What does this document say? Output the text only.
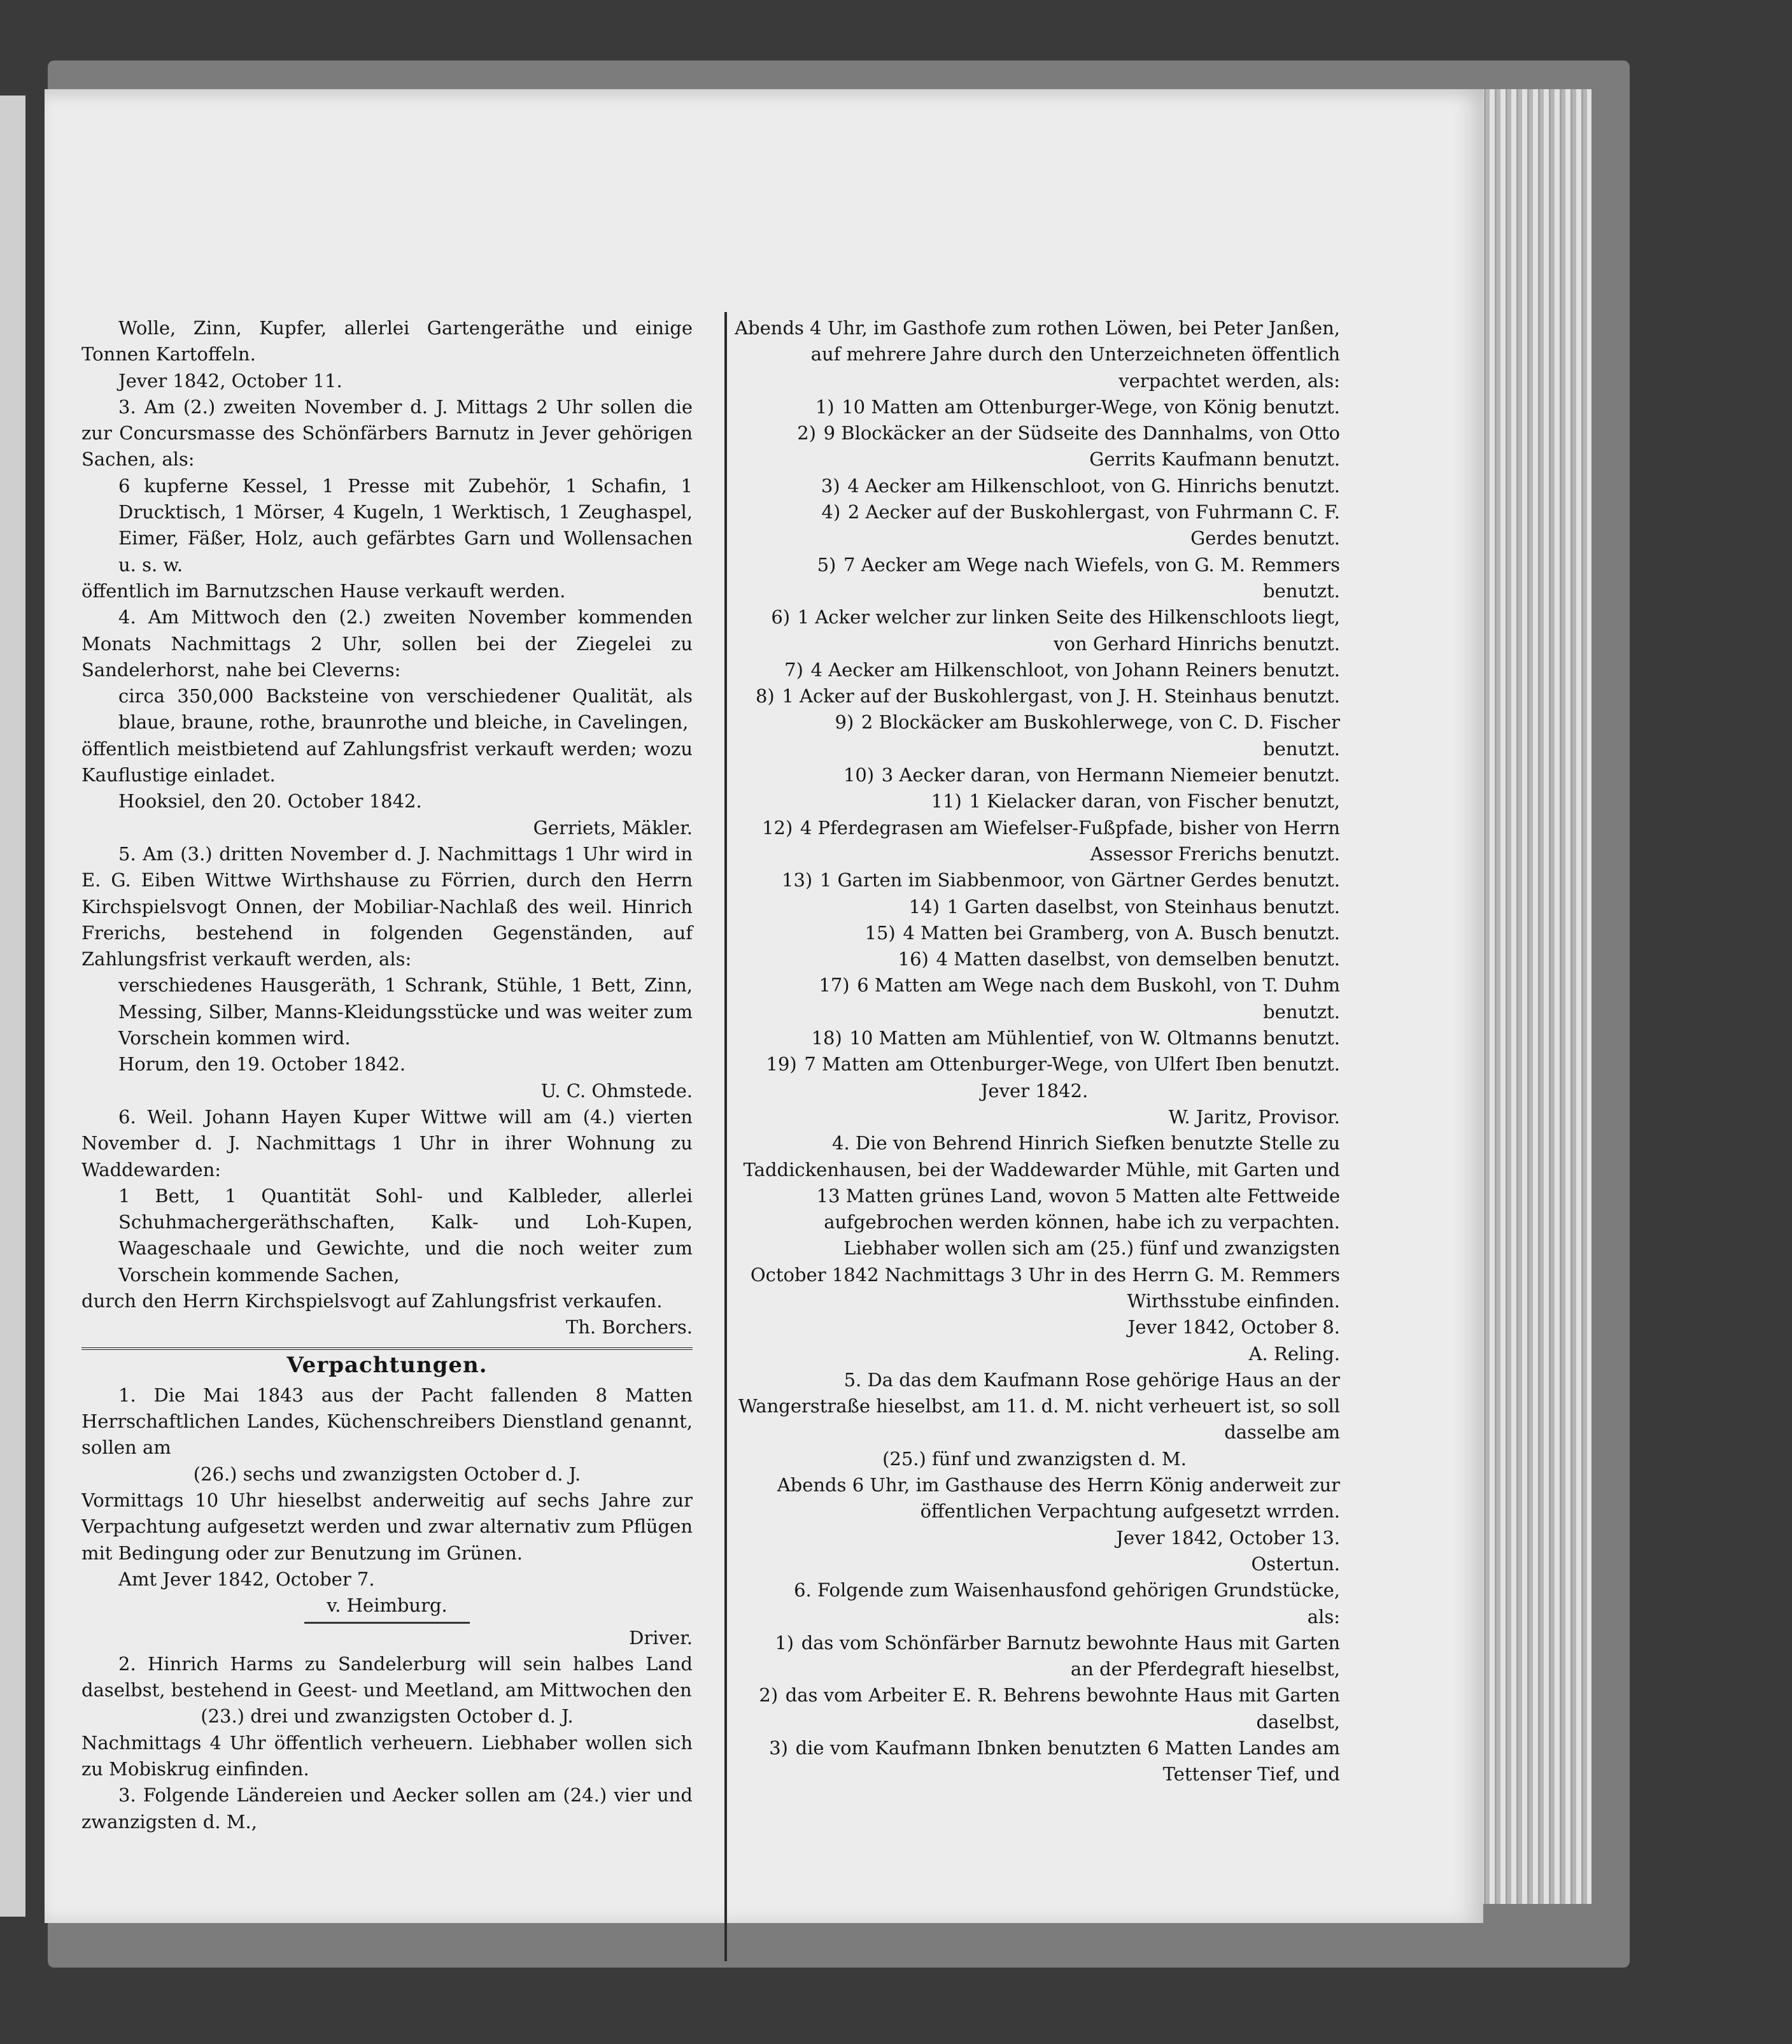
Wolle, Zinn, Kupfer, allerlei Gartengeräthe und einige Tonnen Kartoffeln.

Jever 1842, October 11.

3. Am (2.) zweiten November d. J. Mittags 2 Uhr sollen die zur Concursmasse des Schönfärbers Barnutz in Jever gehörigen Sachen, als:

6 kupferne Kessel, 1 Presse mit Zubehör, 1 Schafin, 1 Drucktisch, 1 Mörser, 4 Kugeln, 1 Werktisch, 1 Zeughaspel, Eimer, Fäßer, Holz, auch gefärbtes Garn und Wollensachen u. s. w.

öffentlich im Barnutzschen Hause verkauft werden.

4. Am Mittwoch den (2.) zweiten November kommenden Monats Nachmittags 2 Uhr, sollen bei der Ziegelei zu Sandelerhorst, nahe bei Cleverns:

circa 350,000 Backsteine von verschiedener Qualität, als blaue, braune, rothe, braunrothe und bleiche, in Cavelingen,

öffentlich meistbietend auf Zahlungsfrist verkauft werden; wozu Kauflustige einladet.

Hooksiel, den 20. October 1842.

Gerriets, Mäkler.

5. Am (3.) dritten November d. J. Nachmittags 1 Uhr wird in E. G. Eiben Wittwe Wirthshause zu Förrien, durch den Herrn Kirchspielsvogt Onnen, der Mobiliar-Nachlaß des weil. Hinrich Frerichs, bestehend in folgenden Gegenständen, auf Zahlungsfrist verkauft werden, als:

verschiedenes Hausgeräth, 1 Schrank, Stühle, 1 Bett, Zinn, Messing, Silber, Manns-Kleidungsstücke und was weiter zum Vorschein kommen wird.

Horum, den 19. October 1842.

U. C. Ohmstede.

6. Weil. Johann Hayen Kuper Wittwe will am (4.) vierten November d. J. Nachmittags 1 Uhr in ihrer Wohnung zu Waddewarden:

1 Bett, 1 Quantität Sohl- und Kalbleder, allerlei Schuhmachergeräthschaften, Kalk- und Loh-Kupen, Waageschaale und Gewichte, und die noch weiter zum Vorschein kommende Sachen,

durch den Herrn Kirchspielsvogt auf Zahlungsfrist verkaufen.

Th. Borchers.

Verpachtungen.

1. Die Mai 1843 aus der Pacht fallenden 8 Matten Herrschaftlichen Landes, Küchenschreibers Dienstland genannt, sollen am

(26.) sechs und zwanzigsten October d. J.

Vormittags 10 Uhr hieselbst anderweitig auf sechs Jahre zur Verpachtung aufgesetzt werden und zwar alternativ zum Pflügen mit Bedingung oder zur Benutzung im Grünen.

Amt Jever 1842, October 7.

v. Heimburg.

Driver.

2. Hinrich Harms zu Sandelerburg will sein halbes Land daselbst, bestehend in Geest- und Meetland, am Mittwochen den

(23.) drei und zwanzigsten October d. J.

Nachmittags 4 Uhr öffentlich verheuern. Liebhaber wollen sich zu Mobiskrug einfinden.

3. Folgende Ländereien und Aecker sollen am (24.) vier und zwanzigsten d. M.,

Abends 4 Uhr, im Gasthofe zum rothen Löwen, bei Peter Janßen, auf mehrere Jahre durch den Unterzeichneten öffentlich verpachtet werden, als:

1) 10 Matten am Ottenburger-Wege, von König benutzt.

2) 9 Blockäcker an der Südseite des Dannhalms, von Otto Gerrits Kaufmann benutzt.

3) 4 Aecker am Hilkenschloot, von G. Hinrichs benutzt.

4) 2 Aecker auf der Buskohlergast, von Fuhrmann C. F. Gerdes benutzt.

5) 7 Aecker am Wege nach Wiefels, von G. M. Remmers benutzt.

6) 1 Acker welcher zur linken Seite des Hilkenschloots liegt, von Gerhard Hinrichs benutzt.

7) 4 Aecker am Hilkenschloot, von Johann Reiners benutzt.

8) 1 Acker auf der Buskohlergast, von J. H. Steinhaus benutzt.

9) 2 Blockäcker am Buskohlerwege, von C. D. Fischer benutzt.

10) 3 Aecker daran, von Hermann Niemeier benutzt.

11) 1 Kielacker daran, von Fischer benutzt,

12) 4 Pferdegrasen am Wiefelser-Fußpfade, bisher von Herrn Assessor Frerichs benutzt.

13) 1 Garten im Siabbenmoor, von Gärtner Gerdes benutzt.

14) 1 Garten daselbst, von Steinhaus benutzt.

15) 4 Matten bei Gramberg, von A. Busch benutzt.

16) 4 Matten daselbst, von demselben benutzt.

17) 6 Matten am Wege nach dem Buskohl, von T. Duhm benutzt.

18) 10 Matten am Mühlentief, von W. Oltmanns benutzt.

19) 7 Matten am Ottenburger-Wege, von Ulfert Iben benutzt.

Jever 1842.

W. Jaritz, Provisor.

4. Die von Behrend Hinrich Siefken benutzte Stelle zu Taddickenhausen, bei der Waddewarder Mühle, mit Garten und 13 Matten grünes Land, wovon 5 Matten alte Fettweide aufgebrochen werden können, habe ich zu verpachten.

Liebhaber wollen sich am (25.) fünf und zwanzigsten October 1842 Nachmittags 3 Uhr in des Herrn G. M. Remmers Wirthsstube einfinden.

Jever 1842, October 8.

A. Reling.

5. Da das dem Kaufmann Rose gehörige Haus an der Wangerstraße hieselbst, am 11. d. M. nicht verheuert ist, so soll dasselbe am

(25.) fünf und zwanzigsten d. M.

Abends 6 Uhr, im Gasthause des Herrn König anderweit zur öffentlichen Verpachtung aufgesetzt wrrden.

Jever 1842, October 13.

Ostertun.

6. Folgende zum Waisenhausfond gehörigen Grundstücke, als:

1) das vom Schönfärber Barnutz bewohnte Haus mit Garten an der Pferdegraft hieselbst,

2) das vom Arbeiter E. R. Behrens bewohnte Haus mit Garten daselbst,

3) die vom Kaufmann Ibnken benutzten 6 Matten Landes am Tettenser Tief, und
